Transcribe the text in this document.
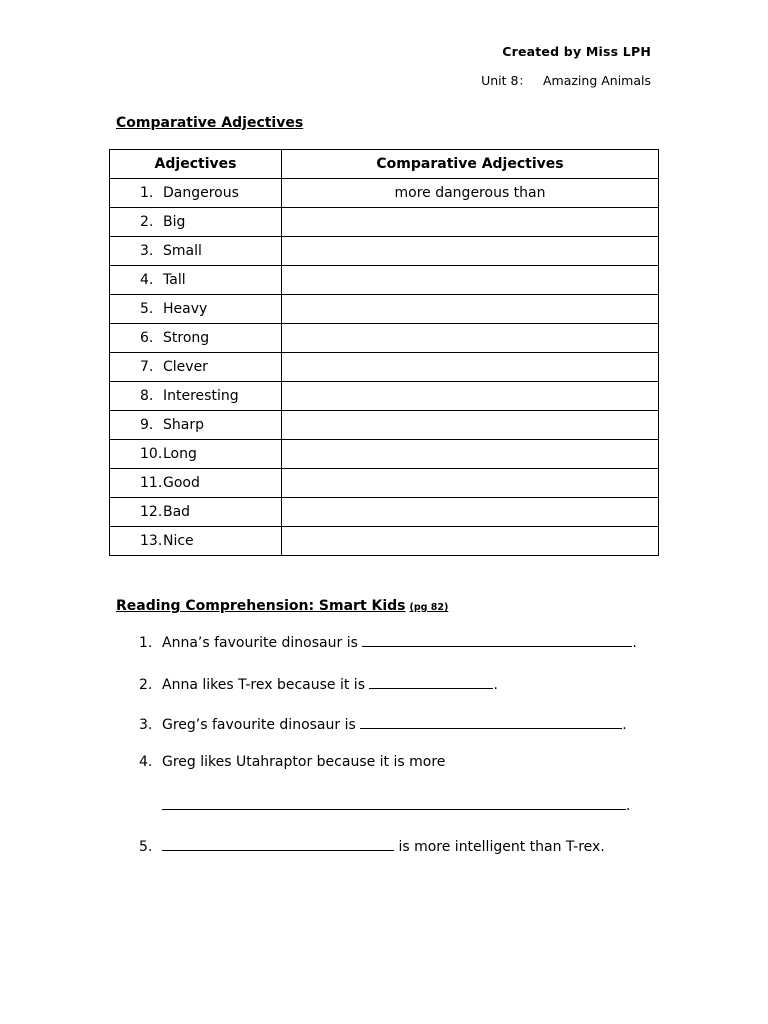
Created by Miss LPH
Unit 8： Amazing Animals
Comparative Adjectives
Adjectives	Comparative Adjectives
1. Dangerous	more dangerous than
2. Big	
3. Small	
4. Tall	
5. Heavy	
6. Strong	
7. Clever	
8. Interesting	
9. Sharp	
10.Long	
11.Good	
12.Bad	
13.Nice	
Reading Comprehension: Smart Kids (pg 82)
1. Anna’s favourite dinosaur is	.
2. Anna likes T-rex because it is	.
3. Greg’s favourite dinosaur is	.
4. Greg likes Utahraptor because it is more
.
5.	is more intelligent than T-rex.
